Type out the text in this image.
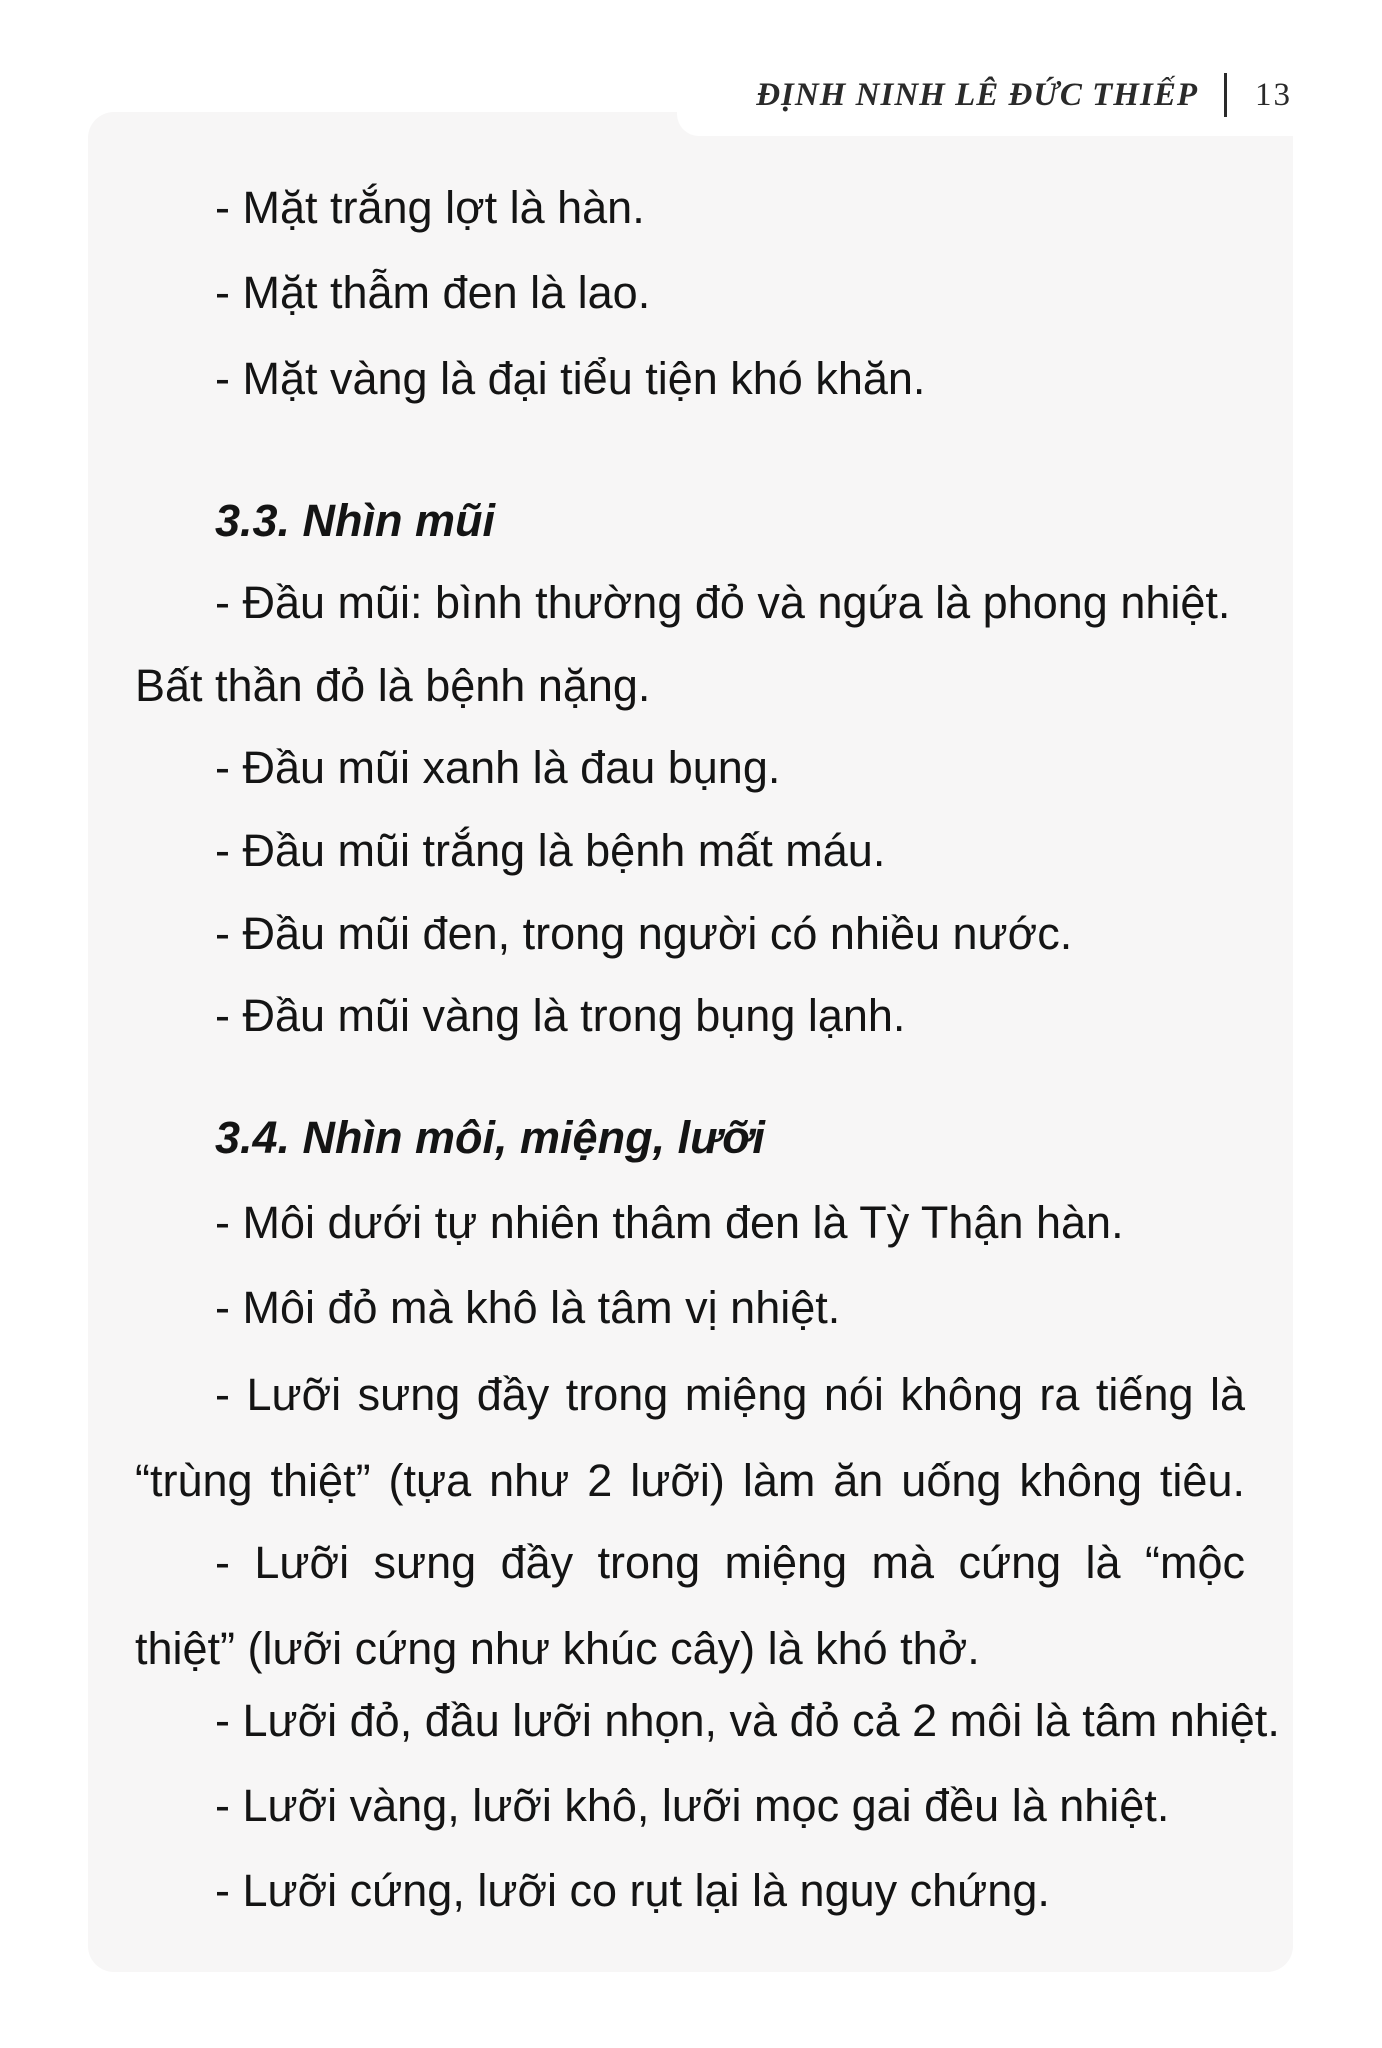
ĐỊNH NINH LÊ ĐỨC THIẾP 13
- Mặt trắng lợt là hàn.
- Mặt thẫm đen là lao.
- Mặt vàng là đại tiểu tiện khó khăn.
3.3. Nhìn mũi
- Đầu mũi: bình thường đỏ và ngứa là phong nhiệt.
Bất thần đỏ là bệnh nặng.
- Đầu mũi xanh là đau bụng.
- Đầu mũi trắng là bệnh mất máu.
- Đầu mũi đen, trong người có nhiều nước.
- Đầu mũi vàng là trong bụng lạnh.
3.4. Nhìn môi, miệng, lưỡi
- Môi dưới tự nhiên thâm đen là Tỳ Thận hàn.
- Môi đỏ mà khô là tâm vị nhiệt.
- Lưỡi sưng đầy trong miệng nói không ra tiếng là
“trùng thiệt” (tựa như 2 lưỡi) làm ăn uống không tiêu.
- Lưỡi sưng đầy trong miệng mà cứng là “mộc
thiệt” (lưỡi cứng như khúc cây) là khó thở.
- Lưỡi đỏ, đầu lưỡi nhọn, và đỏ cả 2 môi là tâm nhiệt.
- Lưỡi vàng, lưỡi khô, lưỡi mọc gai đều là nhiệt.
- Lưỡi cứng, lưỡi co rụt lại là nguy chứng.
